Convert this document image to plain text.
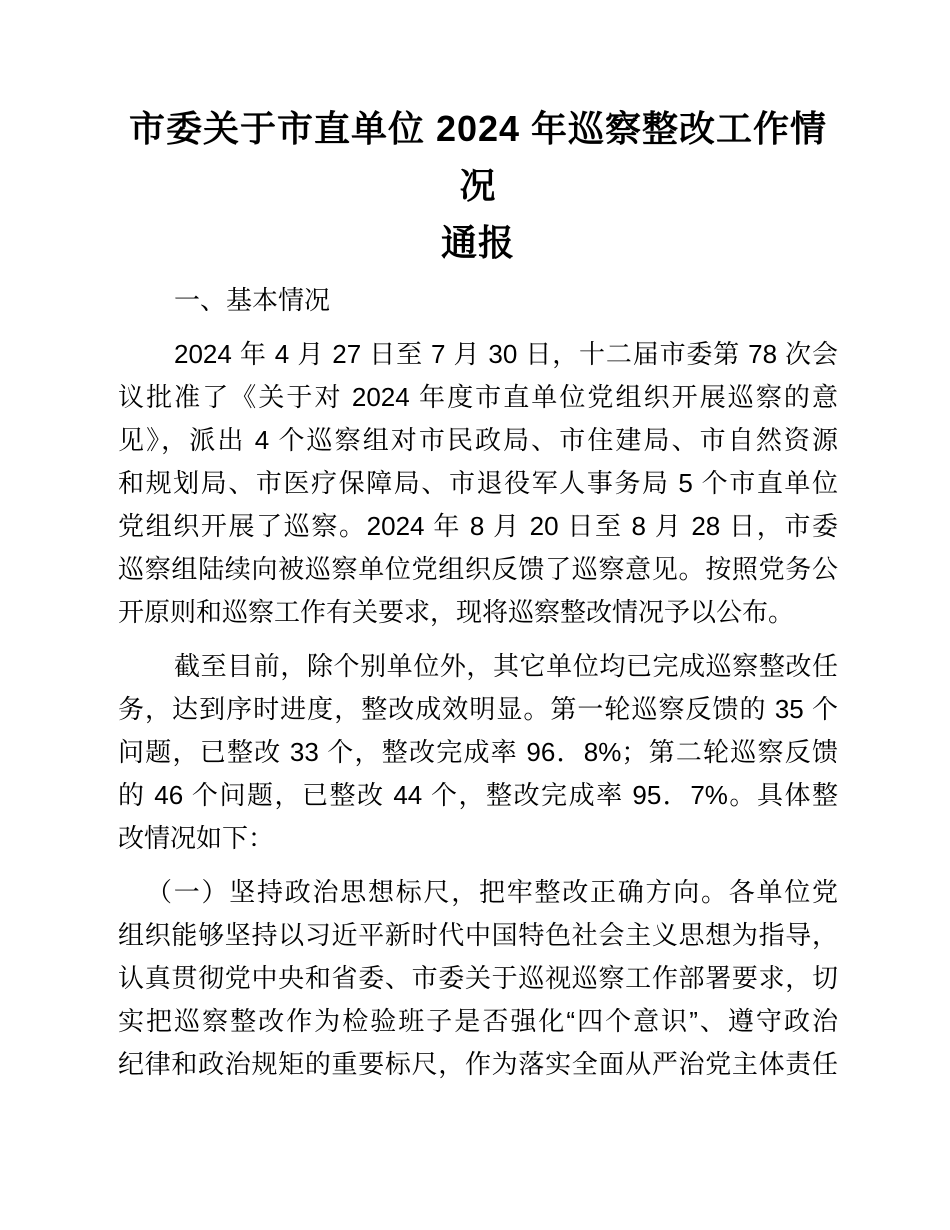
市委关于市直单位 2024 年巡察整改工作情况
通报
一、基本情况
2024 年 4 月 27 日至 7 月 30 日，十二届市委第 78 次会
议批准了《关于对 2024 年度市直单位党组织开展巡察的意
见》，派出 4 个巡察组对市民政局、市住建局、市自然资源
和规划局、市医疗保障局、市退役军人事务局 5 个市直单位
党组织开展了巡察。2024 年 8 月 20 日至 8 月 28 日，市委
巡察组陆续向被巡察单位党组织反馈了巡察意见。按照党务公
开原则和巡察工作有关要求，现将巡察整改情况予以公布。
截至目前，除个别单位外，其它单位均已完成巡察整改任
务，达到序时进度，整改成效明显。第一轮巡察反馈的 35 个
问题，已整改 33 个，整改完成率 96．8%；第二轮巡察反馈
的 46 个问题，已整改 44 个，整改完成率 95．7%。具体整
改情况如下：
（一）坚持政治思想标尺，把牢整改正确方向。各单位党
组织能够坚持以习近平新时代中国特色社会主义思想为指导，
认真贯彻党中央和省委、市委关于巡视巡察工作部署要求，切
实把巡察整改作为检验班子是否强化“四个意识”、遵守政治
纪律和政治规矩的重要标尺，作为落实全面从严治党主体责任
